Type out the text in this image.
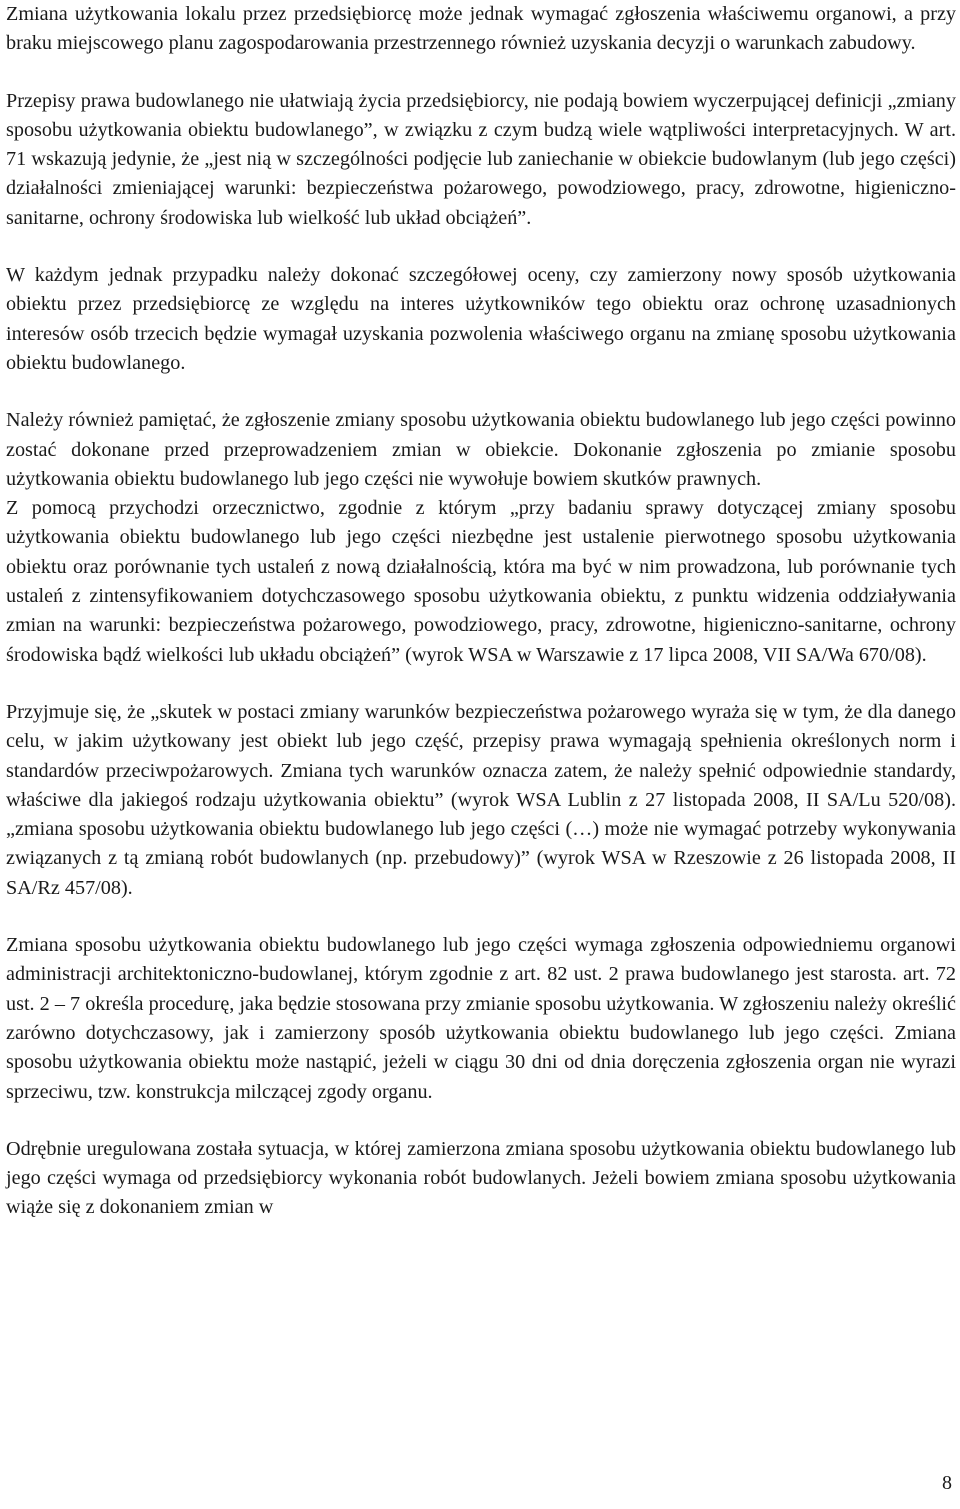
Zmiana użytkowania lokalu przez przedsiębiorcę może jednak wymagać zgłoszenia właściwemu organowi, a przy braku miejscowego planu zagospodarowania przestrzennego również uzyskania decyzji o warunkach zabudowy.

Przepisy prawa budowlanego nie ułatwiają życia przedsiębiorcy, nie podają bowiem wyczerpującej definicji „zmiany sposobu użytkowania obiektu budowlanego”, w związku z czym budzą wiele wątpliwości interpretacyjnych. W art. 71 wskazują jedynie, że „jest nią w szczególności podjęcie lub zaniechanie w obiekcie budowlanym (lub jego części) działalności zmieniającej warunki: bezpieczeństwa pożarowego, powodziowego, pracy, zdrowotne, higieniczno-sanitarne, ochrony środowiska lub wielkość lub układ obciążeń”.

W każdym jednak przypadku należy dokonać szczegółowej oceny, czy zamierzony nowy sposób użytkowania obiektu przez przedsiębiorcę ze względu na interes użytkowników tego obiektu oraz ochronę uzasadnionych interesów osób trzecich będzie wymagał uzyskania pozwolenia właściwego organu na zmianę sposobu użytkowania obiektu budowlanego.

Należy również pamiętać, że zgłoszenie zmiany sposobu użytkowania obiektu budowlanego lub jego części powinno zostać dokonane przed przeprowadzeniem zmian w obiekcie. Dokonanie zgłoszenia po zmianie sposobu użytkowania obiektu budowlanego lub jego części nie wywołuje bowiem skutków prawnych.

Z pomocą przychodzi orzecznictwo, zgodnie z którym „przy badaniu sprawy dotyczącej zmiany sposobu użytkowania obiektu budowlanego lub jego części niezbędne jest ustalenie pierwotnego sposobu użytkowania obiektu oraz porównanie tych ustaleń z nową działalnością, która ma być w nim prowadzona, lub porównanie tych ustaleń z zintensyfikowaniem dotychczasowego sposobu użytkowania obiektu, z punktu widzenia oddziaływania zmian na warunki: bezpieczeństwa pożarowego, powodziowego, pracy, zdrowotne, higieniczno-sanitarne, ochrony środowiska bądź wielkości lub układu obciążeń” (wyrok WSA w Warszawie z 17 lipca 2008, VII SA/Wa 670/08).

Przyjmuje się, że „skutek w postaci zmiany warunków bezpieczeństwa pożarowego wyraża się w tym, że dla danego celu, w jakim użytkowany jest obiekt lub jego część, przepisy prawa wymagają spełnienia określonych norm i standardów przeciwpożarowych. Zmiana tych warunków oznacza zatem, że należy spełnić odpowiednie standardy, właściwe dla jakiegoś rodzaju użytkowania obiektu” (wyrok WSA Lublin z 27 listopada 2008, II SA/Lu 520/08). „zmiana sposobu użytkowania obiektu budowlanego lub jego części (…) może nie wymagać potrzeby wykonywania związanych z tą zmianą robót budowlanych (np. przebudowy)” (wyrok WSA w Rzeszowie z 26 listopada 2008, II SA/Rz 457/08).

Zmiana sposobu użytkowania obiektu budowlanego lub jego części wymaga zgłoszenia odpowiedniemu organowi administracji architektoniczno-budowlanej, którym zgodnie z art. 82 ust. 2 prawa budowlanego jest starosta. art. 72 ust. 2 – 7 określa procedurę, jaka będzie stosowana przy zmianie sposobu użytkowania. W zgłoszeniu należy określić zarówno dotychczasowy, jak i zamierzony sposób użytkowania obiektu budowlanego lub jego części. Zmiana sposobu użytkowania obiektu może nastąpić, jeżeli w ciągu 30 dni od dnia doręczenia zgłoszenia organ nie wyrazi sprzeciwu, tzw. konstrukcja milczącej zgody organu.

Odrębnie uregulowana została sytuacja, w której zamierzona zmiana sposobu użytkowania obiektu budowlanego lub jego części wymaga od przedsiębiorcy wykonania robót budowlanych. Jeżeli bowiem zmiana sposobu użytkowania wiąże się z dokonaniem zmian w

8
